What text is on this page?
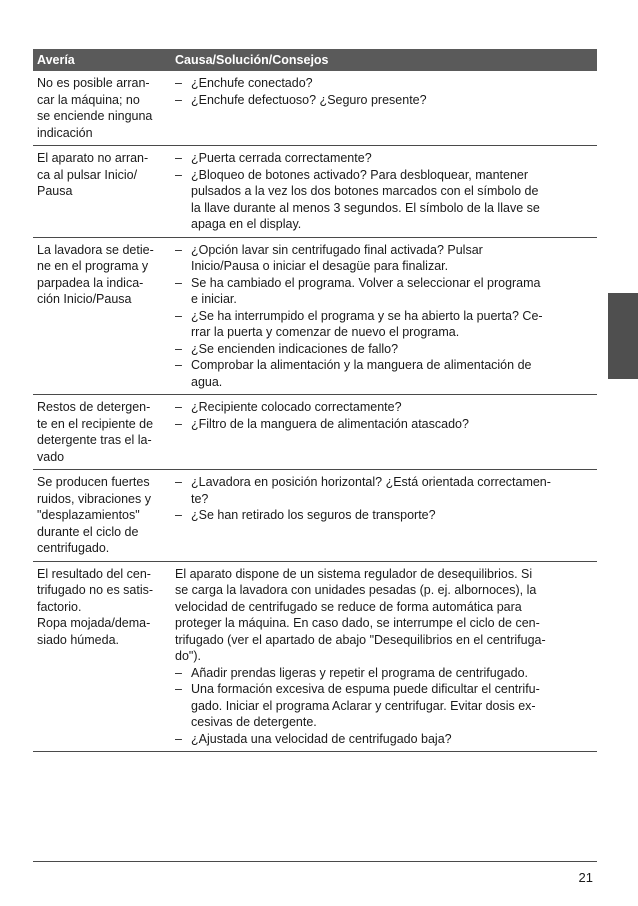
Avería	Causa/Solución/Consejos
No es posible arran-
car la máquina; no
se enciende ninguna
indicación
– ¿Enchufe conectado?
– ¿Enchufe defectuoso? ¿Seguro presente?
El aparato no arran-
ca al pulsar Inicio/
Pausa
– ¿Puerta cerrada correctamente?
– ¿Bloqueo de botones activado? Para desbloquear, mantener
pulsados a la vez los dos botones marcados con el símbolo de
la llave durante al menos 3 segundos. El símbolo de la llave se
apaga en el display.
La lavadora se detie-
ne en el programa y
parpadea la indica-
ción Inicio/Pausa
– ¿Opción lavar sin centrifugado final activada? Pulsar
Inicio/Pausa o iniciar el desagüe para finalizar.
– Se ha cambiado el programa. Volver a seleccionar el programa
e iniciar.
– ¿Se ha interrumpido el programa y se ha abierto la puerta? Ce-
rrar la puerta y comenzar de nuevo el programa.
– ¿Se encienden indicaciones de fallo?
– Comprobar la alimentación y la manguera de alimentación de
agua.
Restos de detergen-
te en el recipiente de
detergente tras el la-
vado
– ¿Recipiente colocado correctamente?
– ¿Filtro de la manguera de alimentación atascado?
Se producen fuertes
ruidos, vibraciones y
"desplazamientos"
durante el ciclo de
centrifugado.
– ¿Lavadora en posición horizontal? ¿Está orientada correctamen-
te?
– ¿Se han retirado los seguros de transporte?
El resultado del cen-
trifugado no es satis-
factorio.
Ropa mojada/dema-
siado húmeda.
El aparato dispone de un sistema regulador de desequilibrios. Si
se carga la lavadora con unidades pesadas (p. ej. albornoces), la
velocidad de centrifugado se reduce de forma automática para
proteger la máquina. En caso dado, se interrumpe el ciclo de cen-
trifugado (ver el apartado de abajo "Desequilibrios en el centrifuga-
do").
– Añadir prendas ligeras y repetir el programa de centrifugado.
– Una formación excesiva de espuma puede dificultar el centrifu-
gado. Iniciar el programa Aclarar y centrifugar. Evitar dosis ex-
cesivas de detergente.
– ¿Ajustada una velocidad de centrifugado baja?
21
